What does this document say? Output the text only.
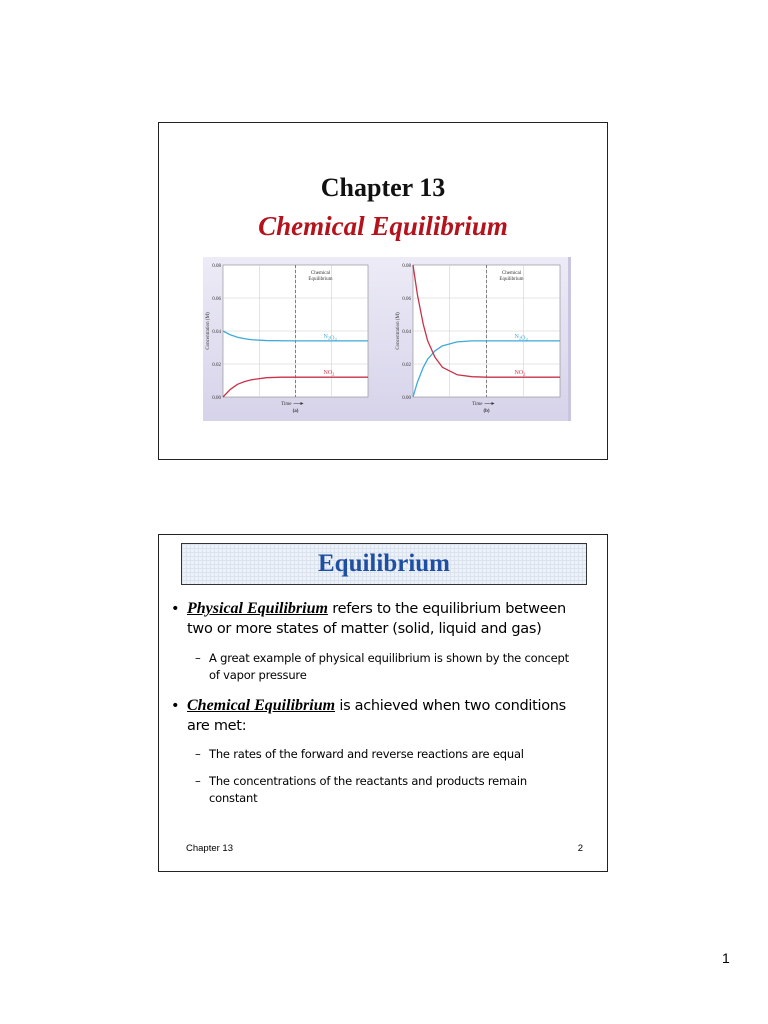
Chapter 13
Chemical Equilibrium
0.00
0.02
0.04
0.06
0.08
Chemical
Equilibrium
$N_2O_4$
$NO_2$
Concentration (M)
Time
(a)
0.00
0.02
0.04
0.06
0.08
Chemical
Equilibrium
$N_2O_4$
$NO_2$
Concentration (M)
Time
(b)
Equilibrium
• Physical Equilibrium refers to the equilibrium between two or more states of matter (solid, liquid and gas)
– A great example of physical equilibrium is shown by the concept of vapor pressure
• Chemical Equilibrium is achieved when two conditions are met:
– The rates of the forward and reverse reactions are equal
– The concentrations of the reactants and products remain constant
Chapter 13	2
1
